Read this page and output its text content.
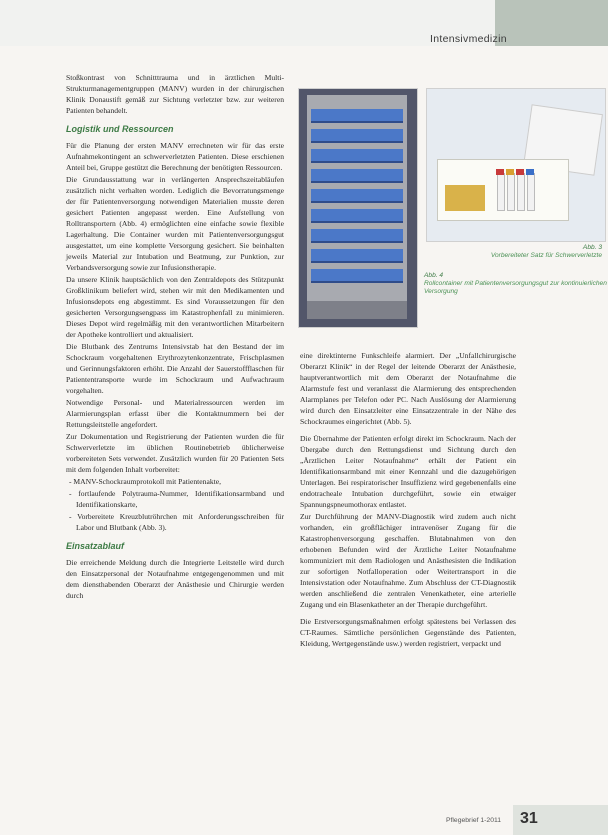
Intensivmedizin

Stoßkontrast von Schnitttrauma und in ärztlichen Multi-Strukturmanagementgruppen (MANV) wurden in der chirurgischen Klinik Donaustift gemäß zur Sichtung verletzter bzw. zur weiteren Patienten behandelt.

Logistik und Ressourcen

Für die Planung der ersten MANV errechneten wir für das erste Aufnahmekontingent an schwerverletzten Patienten. Diese erschienen Anteil bei, Gruppe gestützt die Berechnung der benötigten Ressourcen.

Die Grundausstattung war in verlängerten Ansprechszeitabläufen zusätzlich nicht verhalten worden. Lediglich die Bevorratungsmenge der für Patientenversorgung notwendigen Materialien musste deren gesichert Patienten angepasst werden. Eine Aufstellung von Rolltransportern (Abb. 4) ermöglichten eine einfache sowie flexible Lagerhaltung. Die Container wurden mit Patientenversorgungsgut ausgestattet, um eine komplette Versorgung gesichert. Sie beinhalten jeweils Material zur Intubation und Beatmung, zur Punktion, zur Verbandsversorgung sowie zur Infusionstherapie.

Da unsere Klinik hauptsächlich von den Zentraldepots des Stützpunkt Großklinikum beliefert wird, stehen wir mit den Medikamenten und Infusionsdepots eng abgestimmt. Es sind Voraussetzungen für den gesicherten Versorgungsengpass im Katastrophenfall zu minimieren. Dieses Depot wird regelmäßig mit den verantwortlichen Mitarbeitern der Apotheke kontrolliert und aktualisiert.

Die Blutbank des Zentrums Intensivstab hat den Bestand der im Schockraum vorgehaltenen Erythrozytenkonzentrate, Frischplasmen und Gerinnungsfaktoren erhöht. Die Anzahl der Sauerstoffflaschen für Patiententransporte wurde im Schockraum und Aufwachraum vorgehalten.

Notwendige Personal- und Materialressourcen werden im Alarmierungsplan erfasst über die Kontaktnummern bei der Rettungsleitstelle angefordert.

Zur Dokumentation und Registrierung der Patienten wurden die für Schwerverletzte im üblichen Routinebetrieb üblicherweise vorbereiteten Sets verwendet. Zusätzlich wurden für 20 Patienten Sets mit dem folgenden Inhalt vorbereitet:

- MANV-Schockraumprotokoll mit Patientenakte,

- fortlaufende Polytrauma-Nummer, Identifikationsarmband und Identifikationskarte,

- Vorbereitete Kreuzblutröhrchen mit Anforderungsschreiben für Labor und Blutbank (Abb. 3).

Einsatzablauf

Die erreichende Meldung durch die Integrierte Leitstelle wird durch den Einsatzpersonal der Notaufnahme entgegengenommen und mit dem diensthabenden Oberarzt der Anästhesie und Chirurgie werden durch

Abb. 3
Vorbereiteter Satz für Schwerverletzte
Abb. 4
Rollcontainer mit Patientenversorgungsgut zur kontinuierlichen Versorgung

eine direktinterne Funkschleife alarmiert. Der „Unfallchirurgische Oberarzt Klinik“ in der Regel der leitende Oberarzt der Anästhesie, hauptverantwortlich mit dem Oberarzt der Notaufnahme die Alarmstufe fest und veranlasst die Alarmierung des entsprechenden Alarmplanes per Telefon oder PC. Nach Auslösung der Alarmierung wird durch den Einsatzleiter eine Einsatzzentrale in der Nähe des Schockraumes eingerichtet (Abb. 5).

Die Übernahme der Patienten erfolgt direkt im Schockraum. Nach der Übergabe durch den Rettungsdienst und Sichtung durch den „Ärztlichen Leiter Notaufnahme“ erhält der Patient ein Identifikationsarmband mit einer Kennzahl und die dazugehörigen Unterlagen. Bei respiratorischer Insuffizienz wird gegebenenfalls eine endotracheale Intubation durchgeführt, sowie ein etwaiger Spannungspneumothorax entlastet.

Zur Durchführung der MANV-Diagnostik wird zudem auch nicht vorhanden, ein großflächiger intravenöser Zugang für die Katastrophenversorgung geschaffen. Blutabnahmen von den erhobenen Befunden wird der Ärztliche Leiter Notaufnahme kommuniziert mit dem Radiologen und Anästhesisten die Indikation zur sofortigen Notfalloperation oder Weitertransport in die Intensivstation oder Notaufnahme. Zum Abschluss der CT-Diagnostik werden anschließend die zentralen Venenkatheter, eine arterielle Zugang und ein Blasenkatheter an der Therapie durchgeführt.

Die Erstversorgungsmaßnahmen erfolgt spätestens bei Verlassen des CT-Raumes. Sämtliche persönlichen Gegenstände des Patienten, Kleidung, Wertgegenstände usw.) werden registriert, verpackt und

Pflegebrief 1-2011 31
